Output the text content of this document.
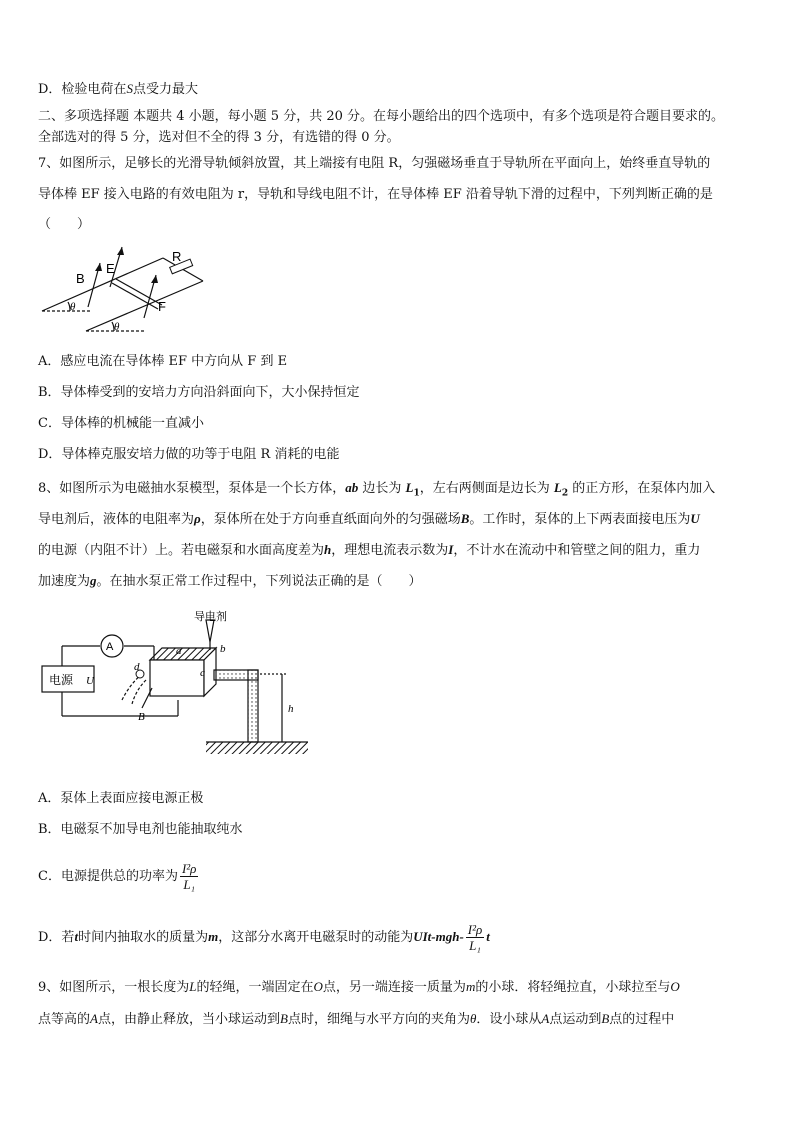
D．检验电荷在S点受力最大
二、多项选择题 本题共 4 小题，每小题 5 分，共 20 分。在每小题给出的四个选项中，有多个选项是符合题目要求的。
全部选对的得 5 分，选对但不全的得 3 分，有选错的得 0 分。
7、如图所示，足够长的光滑导轨倾斜放置，其上端接有电阻 R，匀强磁场垂直于导轨所在平面向上，始终垂直导轨的
导体棒 EF 接入电路的有效电阻为 r，导轨和导线电阻不计，在导体棒 EF 沿着导轨下滑的过程中，下列判断正确的是
（　　）
B
E
R
F
θ
θ
A．感应电流在导体棒 EF 中方向从 F 到 E
B．导体棒受到的安培力方向沿斜面向下，大小保持恒定
C．导体棒的机械能一直减小
D．导体棒克服安培力做的功等于电阻 R 消耗的电能
8、如图所示为电磁抽水泵模型，泵体是一个长方体，ab 边长为 $L_1$，左右两侧面是边长为 $L_2$ 的正方形，在泵体内加入
导电剂后，液体的电阻率为ρ，泵体所在处于方向垂直纸面向外的匀强磁场B。工作时，泵体的上下两表面接电压为U
的电源（内阻不计）上。若电磁泵和水面高度差为h，理想电流表示数为I，不计水在流动中和管壁之间的阻力，重力
加速度为g。在抽水泵正常工作过程中，下列说法正确的是（　　）
A
电源 U
导电剂
a	b
c
d
B
h
A．泵体上表面应接电源正极
B．电磁泵不加导电剂也能抽取纯水
C．电源提供总的功率为 $\frac{\text{I²ρ}}{\text{L₁}}$
D．若t时间内抽取水的质量为m，这部分水离开电磁泵时的动能为$UIt-mgh- \frac{\text{I²ρ}}{\text{L₁}}$ t
9、如图所示，一根长度为L的轻绳，一端固定在O点，另一端连接一质量为m的小球．将轻绳拉直，小球拉至与O
点等高的A点，由静止释放，当小球运动到B点时，细绳与水平方向的夹角为θ．设小球从A点运动到B点的过程中
